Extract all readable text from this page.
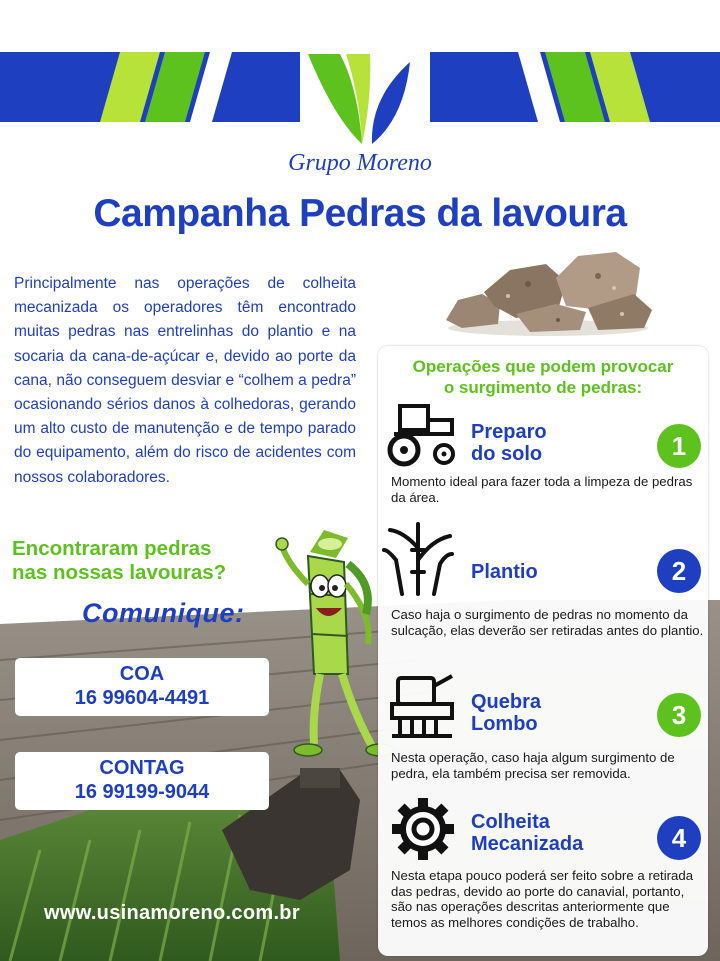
Grupo Moreno
Campanha Pedras da lavoura
Principalmente nas operações de colheita mecanizada os operadores têm encontrado muitas pedras nas entrelinhas do plantio e na socaria da cana-de-açúcar e, devido ao porte da cana, não conseguem desviar e “colhem a pedra” ocasionando sérios danos à colhedoras, gerando um alto custo de manutenção e de tempo parado do equipamento, além do risco de acidentes com nossos colaboradores.
Encontraram pedras
nas nossas lavouras?
Comunique:
COA
16 99604-4491
CONTAG
16 99199-9044
www.usinamoreno.com.br
Operações que podem provocar
o surgimento de pedras:
Preparo
do solo	1
Momento ideal para fazer toda a limpeza de pedras da área.
Plantio	2
Caso haja o surgimento de pedras no momento da sulcação, elas deverão ser retiradas antes do plantio.
Quebra
Lombo	3
Nesta operação, caso haja algum surgimento de pedra, ela também precisa ser removida.
Colheita
Mecanizada	4
Nesta etapa pouco poderá ser feito sobre a retirada das pedras, devido ao porte do canavial, portanto, são nas operações descritas anteriormente que temos as melhores condições de trabalho.
